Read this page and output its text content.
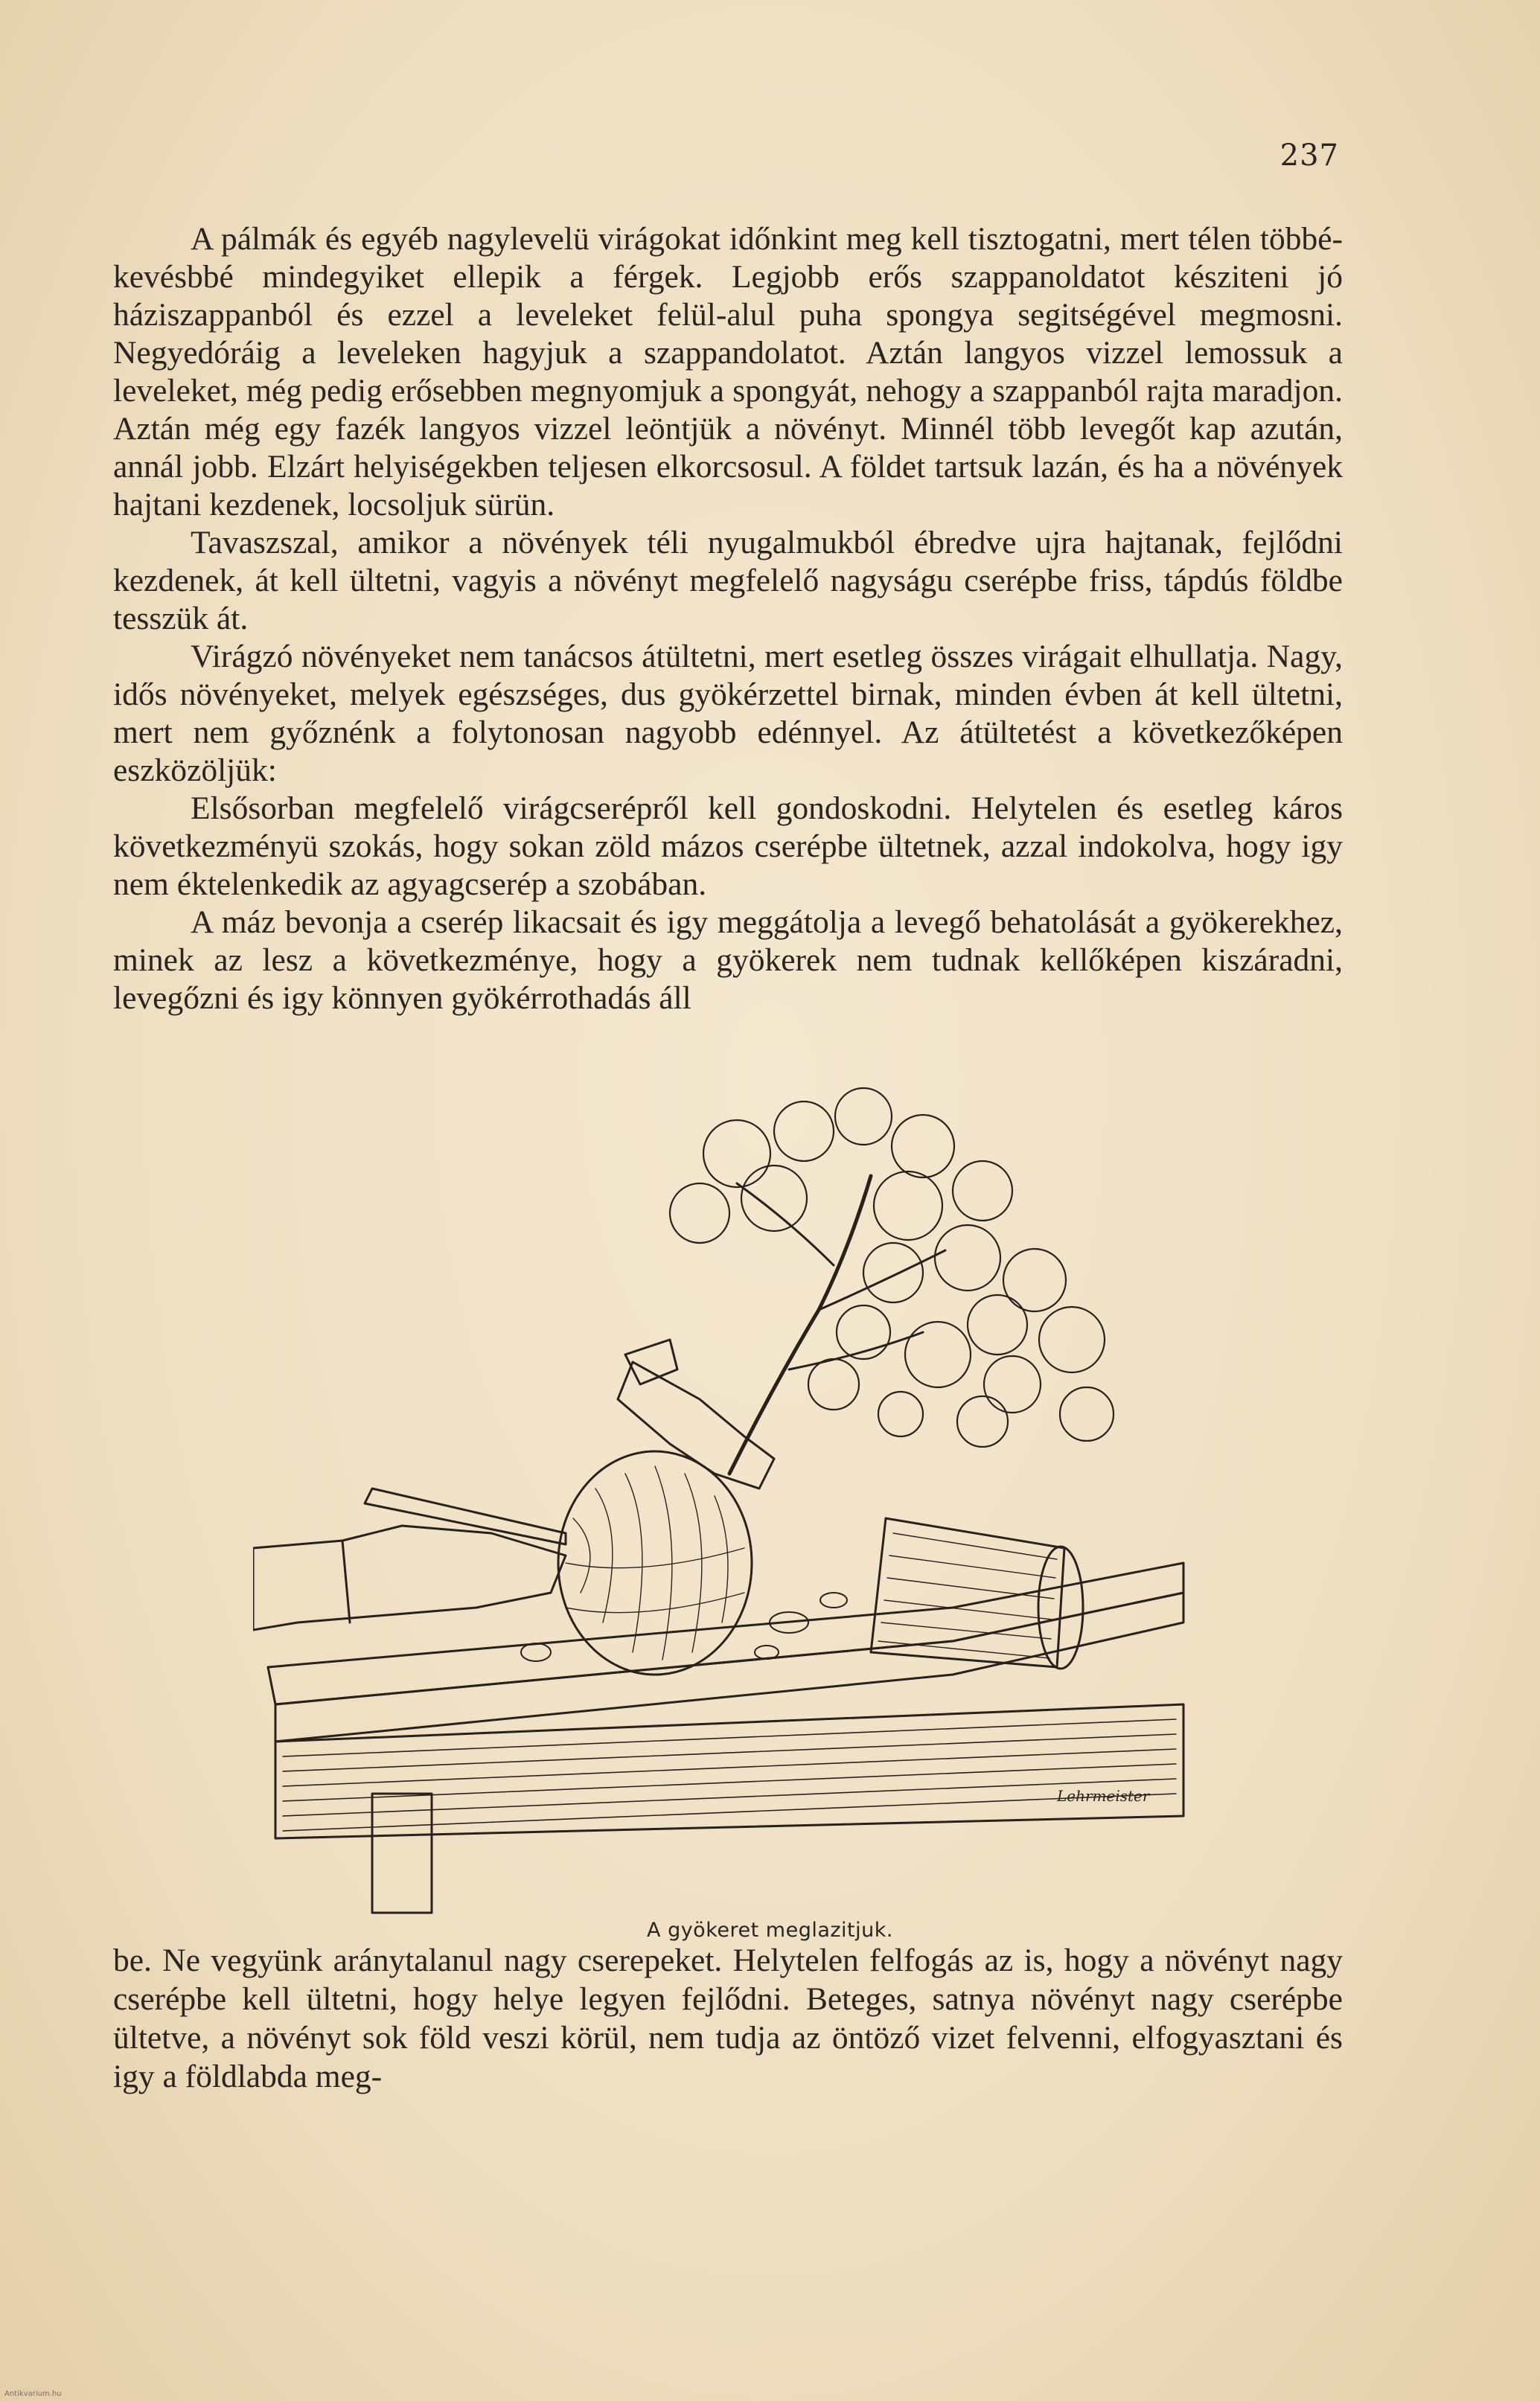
237

A pálmák és egyéb nagylevelü virágokat időnkint meg kell tisztogatni, mert télen többé-kevésbbé mindegyiket ellepik a férgek. Legjobb erős szappanoldatot késziteni jó háziszappanból és ezzel a leveleket felül-alul puha spongya segitségével megmosni. Negyedóráig a leveleken hagyjuk a szappandolatot. Aztán langyos vizzel lemossuk a leveleket, még pedig erősebben megnyomjuk a spongyát, nehogy a szappanból rajta maradjon. Aztán még egy fazék langyos vizzel leöntjük a növényt. Minnél több levegőt kap azután, annál jobb. Elzárt helyiségekben teljesen elkorcsosul. A földet tartsuk lazán, és ha a növények hajtani kezdenek, locsoljuk sürün.

Tavaszszal, amikor a növények téli nyugalmukból ébredve ujra hajtanak, fejlődni kezdenek, át kell ültetni, vagyis a növényt megfelelő nagyságu cserépbe friss, tápdús földbe tesszük át.

Virágzó növényeket nem tanácsos átültetni, mert esetleg összes virágait elhullatja. Nagy, idős növényeket, melyek egészséges, dus gyökérzettel birnak, minden évben át kell ültetni, mert nem győznénk a folytonosan nagyobb edénnyel. Az átültetést a következőképen eszközöljük:

Elsősorban megfelelő virágcserépről kell gondoskodni. Helytelen és esetleg káros következményü szokás, hogy sokan zöld mázos cserépbe ültetnek, azzal indokolva, hogy igy nem éktelenkedik az agyagcserép a szobában.

A máz bevonja a cserép likacsait és igy meggátolja a levegő behatolását a gyökerekhez, minek az lesz a következménye, hogy a gyökerek nem tudnak kellőképen kiszáradni, levegőzni és igy könnyen gyökérrothadás áll

Lehrmeister
A gyökeret meglazitjuk.

be. Ne vegyünk aránytalanul nagy cserepeket. Helytelen felfogás az is, hogy a növényt nagy cserépbe kell ültetni, hogy helye legyen fejlődni. Beteges, satnya növényt nagy cserépbe ültetve, a növényt sok föld veszi körül, nem tudja az öntöző vizet felvenni, elfogyasztani és igy a földlabda meg-

Antikvarium.hu
